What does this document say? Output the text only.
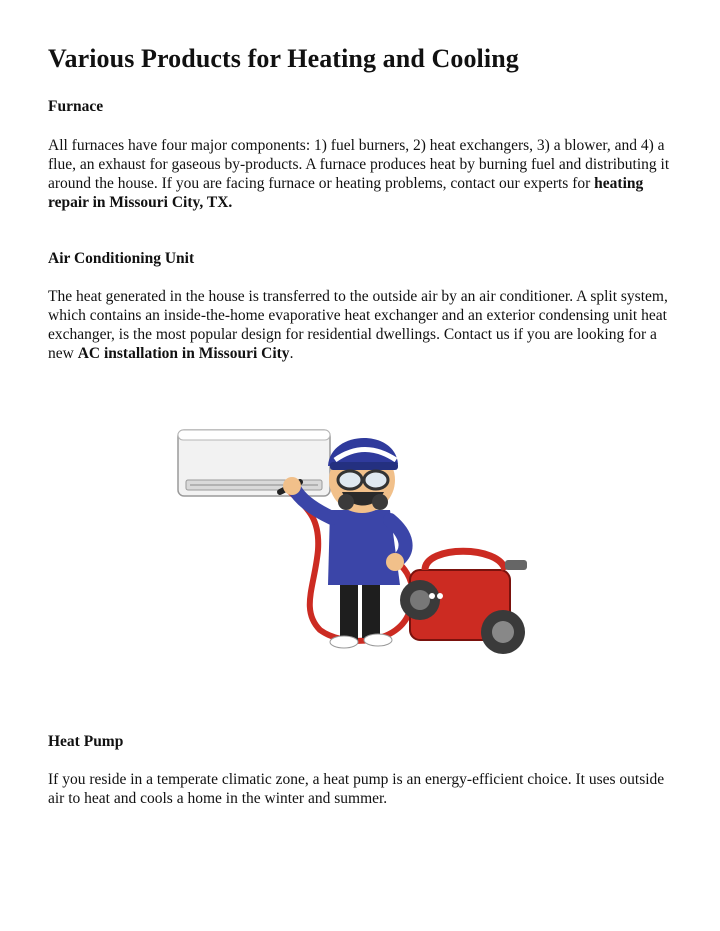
Various Products for Heating and Cooling
Furnace

All furnaces have four major components: 1) fuel burners, 2) heat exchangers, 3) a blower, and 4) a flue, an exhaust for gaseous by-products. A furnace produces heat by burning fuel and distributing it around the house. If you are facing furnace or heating problems, contact our experts for heating repair in Missouri City, TX.

Air Conditioning Unit

The heat generated in the house is transferred to the outside air by an air conditioner. A split system, which contains an inside-the-home evaporative heat exchanger and an exterior condensing unit heat exchanger, is the most popular design for residential dwellings. Contact us if you are looking for a new AC installation in Missouri City.

Heat Pump

If you reside in a temperate climatic zone, a heat pump is an energy-efficient choice. It uses outside air to heat and cools a home in the winter and summer.
